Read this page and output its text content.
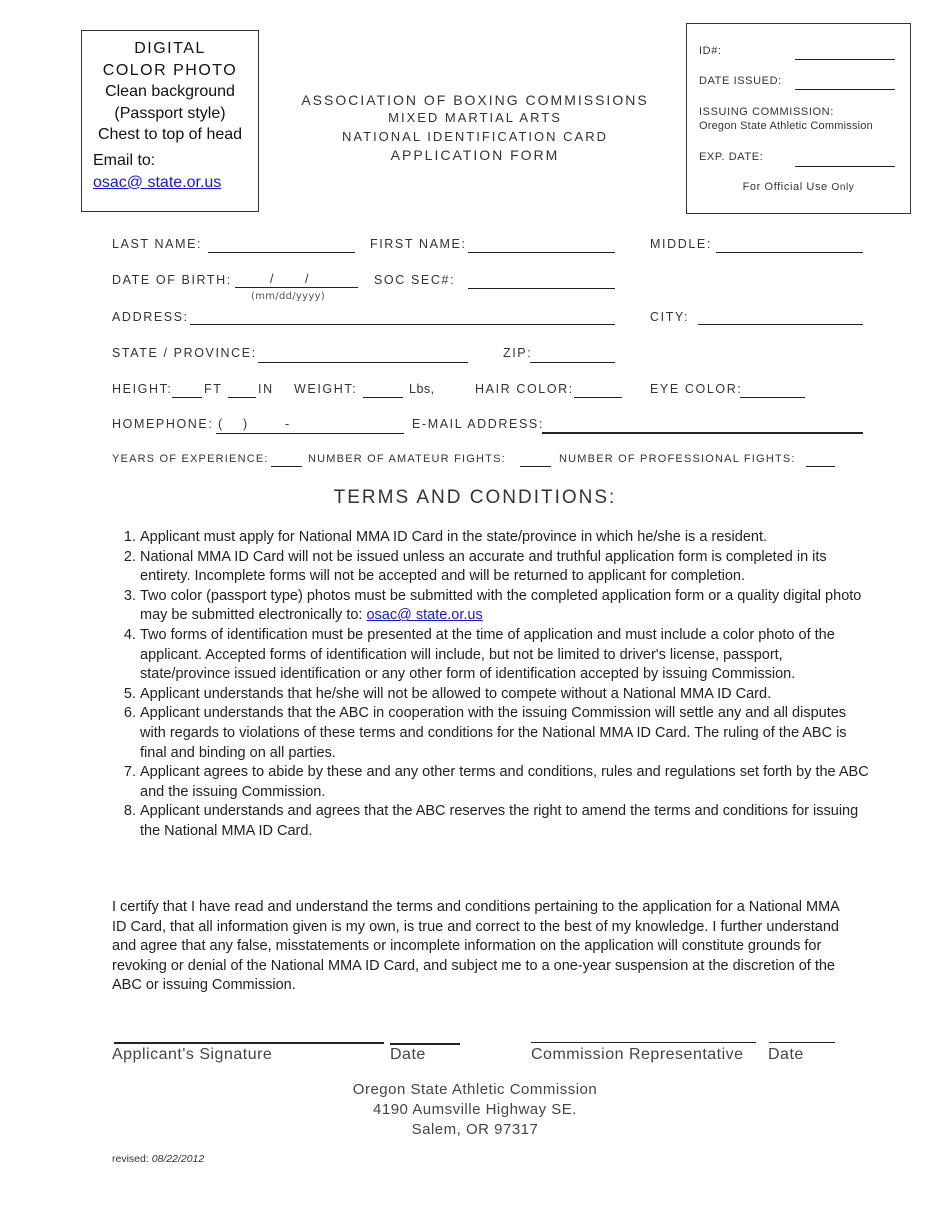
DIGITAL
COLOR PHOTO
Clean background
(Passport style)
Chest to top of head
Email to:
osac@ state.or.us
ASSOCIATION OF BOXING COMMISSIONS
MIXED MARTIAL ARTS
NATIONAL IDENTIFICATION CARD
APPLICATION FORM
ID#:
DATE ISSUED:
ISSUING COMMISSION:
Oregon State Athletic Commission
EXP. DATE:
For Official Use Only
LAST NAME:	FIRST NAME:	MIDDLE:
DATE OF BIRTH:	/ /
(mm/dd/yyyy)
SOC SEC#:
ADDRESS:	CITY:
STATE / PROVINCE:	ZIP:
HEIGHT:	FT	IN WEIGHT:	Lbs,	HAIR COLOR:	EYE COLOR:
HOMEPHONE: ( )	-	E-MAIL ADDRESS:
YEARS OF EXPERIENCE:	NUMBER OF AMATEUR FIGHTS:	NUMBER OF PROFESSIONAL FIGHTS:
TERMS AND CONDITIONS:
1. Applicant must apply for National MMA ID Card in the state/province in which he/she is a resident.
2. National MMA ID Card will not be issued unless an accurate and truthful application form is completed in its entirety. Incomplete forms will not be accepted and will be returned to applicant for completion.
3. Two color (passport type) photos must be submitted with the completed application form or a quality digital photo may be submitted electronically to: osac@ state.or.us
4. Two forms of identification must be presented at the time of application and must include a color photo of the applicant. Accepted forms of identification will include, but not be limited to driver's license, passport, state/province issued identification or any other form of identification accepted by issuing Commission.
5. Applicant understands that he/she will not be allowed to compete without a National MMA ID Card.
6. Applicant understands that the ABC in cooperation with the issuing Commission will settle any and all disputes with regards to violations of these terms and conditions for the National MMA ID Card. The ruling of the ABC is final and binding on all parties.
7. Applicant agrees to abide by these and any other terms and conditions, rules and regulations set forth by the ABC and the issuing Commission.
8. Applicant understands and agrees that the ABC reserves the right to amend the terms and conditions for issuing the National MMA ID Card.
I certify that I have read and understand the terms and conditions pertaining to the application for a National MMA ID Card, that all information given is my own, is true and correct to the best of my knowledge. I further understand and agree that any false, misstatements or incomplete information on the application will constitute grounds for revoking or denial of the National MMA ID Card, and subject me to a one-year suspension at the discretion of the ABC or issuing Commission.
Applicant's Signature	Date	Commission Representative Date
Oregon State Athletic Commission
4190 Aumsville Highway SE.
Salem, OR 97317
revised: 08/22/2012
